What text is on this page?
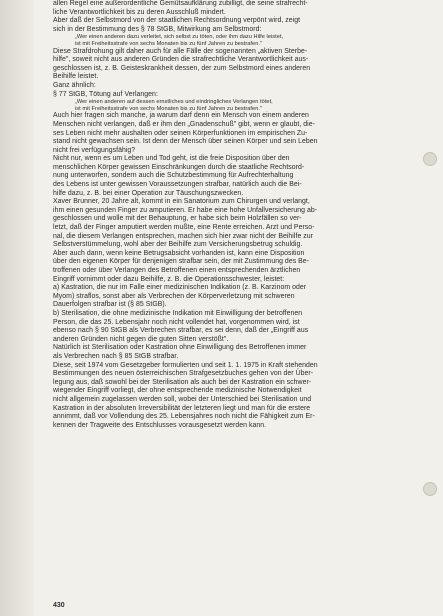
allen Regel eine außerordentliche Gemütsaufklärung zubilligt, die seine strafrecht-

liche Verantwortlichkeit bis zu deren Ausschluß mindert.

Aber daß der Selbstmord von der staatlichen Rechtsordnung verpönt wird, zeigt

sich in der Bestimmung des § 78 StGB, Mitwirkung am Selbstmord:

„Wer einen anderen dazu verleitet, sich selbst zu töten, oder ihm dazu Hilfe leistet,

ist mit Freiheitsstrafe von sechs Monaten bis zu fünf Jahren zu bestrafen."

Diese Strafdrohung gilt daher auch für alle Fälle der sogenannten „aktiven Sterbe-

hilfe", soweit nicht aus anderen Gründen die strafrechtliche Verantwortlichkeit aus-

geschlossen ist, z. B. Geisteskrankheit dessen, der zum Selbstmord eines anderen

Beihilfe leistet.

Ganz ähnlich:

§ 77 StGB, Tötung auf Verlangen:

„Wer einen anderen auf dessen ernstliches und eindringliches Verlangen tötet,

ist mit Freiheitsstrafe von sechs Monaten bis zu fünf Jahren zu bestrafen."

Auch hier fragen sich manche, ja warum darf denn ein Mensch von einem anderen

Menschen nicht verlangen, daß er ihm den „Gnadenschuß" gibt, wenn er glaubt, die-

ses Leben nicht mehr aushalten oder seinen Körperfunktionen im empirischen Zu-

stand nicht gewachsen sein. Ist denn der Mensch über seinen Körper und sein Leben

nicht frei verfügungsfähig?

Nicht nur, wenn es um Leben und Tod geht, ist die freie Disposition über den

menschlichen Körper gewissen Einschränkungen durch die staatliche Rechtsord-

nung unterworfen, sondern auch die Schutzbestimmung für Aufrechterhaltung

des Lebens ist unter gewissen Voraussetzungen strafbar, natürlich auch die Bei-

hilfe dazu, z. B. bei einer Operation zur Täuschungszwecken.

Xaver Brunner, 20 Jahre alt, kommt in ein Sanatorium zum Chirurgen und verlangt,

ihm einen gesunden Finger zu amputieren. Er habe eine hohe Unfallversicherung ab-

geschlossen und wolle mit der Behauptung, er habe sich beim Holzfällen so ver-

letzt, daß der Finger amputiert werden mußte, eine Rente erreichen. Arzt und Perso-

nal, die diesem Verlangen entsprechen, machen sich hier zwar nicht der Beihilfe zur

Selbstverstümmelung, wohl aber der Beihilfe zum Versicherungsbetrug schuldig.

Aber auch dann, wenn keine Betrugsabsicht vorhanden ist, kann eine Disposition

über den eigenen Körper für denjenigen strafbar sein, der mit Zustimmung des Be-

troffenen oder über Verlangen des Betroffenen einen entsprechenden ärztlichen

Eingriff vornimmt oder dazu Beihilfe, z. B. die Operationsschwester, leistet:

a) Kastration, die nur im Falle einer medizinischen Indikation (z. B. Karzinom oder

Myom) straflos, sonst aber als Verbrechen der Körperverletzung mit schweren

Dauerfolgen strafbar ist (§ 85 StGB).

b) Sterilisation, die ohne medizinische Indikation mit Einwilligung der betroffenen

Person, die das 25. Lebensjahr noch nicht vollendet hat, vorgenommen wird, ist

ebenso nach § 90 StGB als Verbrechen strafbar, es sei denn, daß der „Eingriff aus

anderen Gründen nicht gegen die guten Sitten verstößt".

Natürlich ist Sterilisation oder Kastration ohne Einwilligung des Betroffenen immer

als Verbrechen nach § 85 StGB strafbar.

Diese, seit 1974 vom Gesetzgeber formulierten und seit 1. 1. 1975 in Kraft stehenden

Bestimmungen des neuen österreichischen Strafgesetzbuches gehen von der Über-

legung aus, daß sowohl bei der Sterilisation als auch bei der Kastration ein schwer-

wiegender Eingriff vorliegt, der ohne entsprechende medizinische Notwendigkeit

nicht allgemein zugelassen werden soll, wobei der Unterschied bei Sterilisation und

Kastration in der absoluten Irreversibilität der letzteren liegt und man für die erstere

annimmt, daß vor Vollendung des 25. Lebensjahres noch nicht die Fähigkeit zum Er-

kennen der Tragweite des Entschlusses vorausgesetzt werden kann.

430
